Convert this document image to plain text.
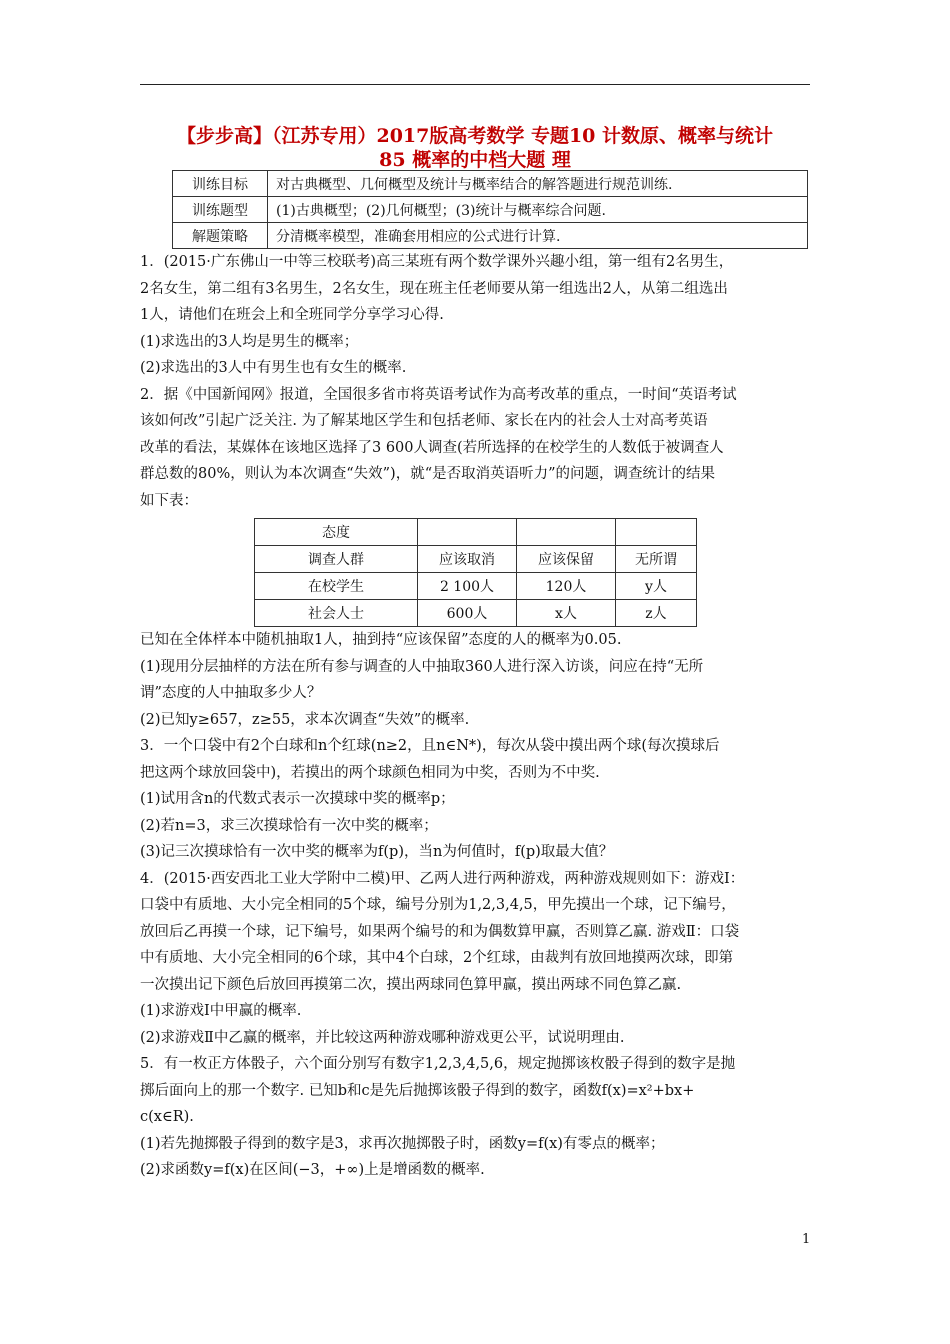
【步步高】（江苏专用）2017版高考数学 专题10 计数原、概率与统计
85 概率的中档大题 理
训练目标	对古典概型、几何概型及统计与概率结合的解答题进行规范训练.
训练题型	(1)古典概型；(2)几何概型；(3)统计与概率综合问题.
解题策略	分清概率模型，准确套用相应的公式进行计算.
1．(2015·广东佛山一中等三校联考)高三某班有两个数学课外兴趣小组，第一组有2名男生，
2名女生，第二组有3名男生，2名女生，现在班主任老师要从第一组选出2人，从第二组选出
1人，请他们在班会上和全班同学分享学习心得.
(1)求选出的3人均是男生的概率；
(2)求选出的3人中有男生也有女生的概率.
2．据《中国新闻网》报道，全国很多省市将英语考试作为高考改革的重点，一时间“英语考试
该如何改”引起广泛关注. 为了解某地区学生和包括老师、家长在内的社会人士对高考英语
改革的看法，某媒体在该地区选择了3 600人调查(若所选择的在校学生的人数低于被调查人
群总数的80%，则认为本次调查“失效”)，就“是否取消英语听力”的问题，调查统计的结果
如下表：
态度			
调查人群	应该取消	应该保留	无所谓
在校学生	2 100人	120人	y人
社会人士	600人	x人	z人
已知在全体样本中随机抽取1人，抽到持“应该保留”态度的人的概率为0.05.
(1)现用分层抽样的方法在所有参与调查的人中抽取360人进行深入访谈，问应在持“无所
谓”态度的人中抽取多少人？
(2)已知y≥657，z≥55，求本次调查“失效”的概率.
3．一个口袋中有2个白球和n个红球(n≥2，且n∈N*)，每次从袋中摸出两个球(每次摸球后
把这两个球放回袋中)，若摸出的两个球颜色相同为中奖，否则为不中奖.
(1)试用含n的代数式表示一次摸球中奖的概率p；
(2)若n=3，求三次摸球恰有一次中奖的概率；
(3)记三次摸球恰有一次中奖的概率为f(p)，当n为何值时，f(p)取最大值？
4．(2015·西安西北工业大学附中二模)甲、乙两人进行两种游戏，两种游戏规则如下：游戏Ⅰ：
口袋中有质地、大小完全相同的5个球，编号分别为1,2,3,4,5，甲先摸出一个球，记下编号，
放回后乙再摸一个球，记下编号，如果两个编号的和为偶数算甲赢，否则算乙赢. 游戏Ⅱ：口袋
中有质地、大小完全相同的6个球，其中4个白球，2个红球，由裁判有放回地摸两次球，即第
一次摸出记下颜色后放回再摸第二次，摸出两球同色算甲赢，摸出两球不同色算乙赢.
(1)求游戏Ⅰ中甲赢的概率.
(2)求游戏Ⅱ中乙赢的概率，并比较这两种游戏哪种游戏更公平，试说明理由.
5．有一枚正方体骰子，六个面分别写有数字1,2,3,4,5,6，规定抛掷该枚骰子得到的数字是抛
掷后面向上的那一个数字. 已知b和c是先后抛掷该骰子得到的数字，函数f(x)=x²+bx+
c(x∈R).
(1)若先抛掷骰子得到的数字是3，求再次抛掷骰子时，函数y=f(x)有零点的概率；
(2)求函数y=f(x)在区间(−3，+∞)上是增函数的概率.
1
